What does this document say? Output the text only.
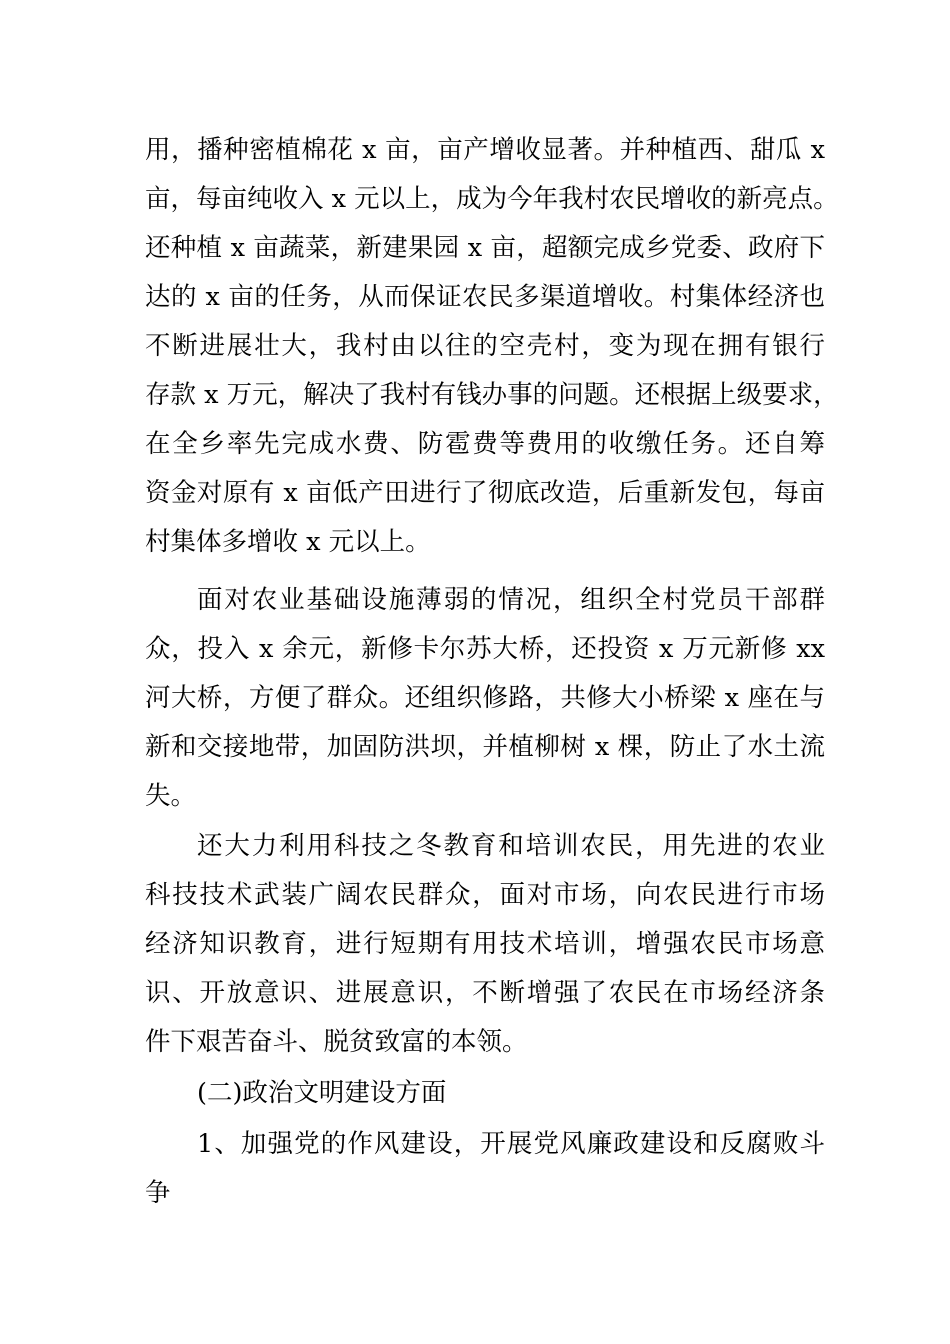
用，播种密植棉花 x 亩，亩产增收显著。并种植西、甜瓜 x
亩，每亩纯收入 x 元以上，成为今年我村农民增收的新亮点。
还种植 x 亩蔬菜，新建果园 x 亩，超额完成乡党委、政府下
达的 x 亩的任务，从而保证农民多渠道增收。村集体经济也
不断进展壮大，我村由以往的空壳村，变为现在拥有银行
存款 x 万元，解决了我村有钱办事的问题。还根据上级要求，
在全乡率先完成水费、防雹费等费用的收缴任务。还自筹
资金对原有 x 亩低产田进行了彻底改造，后重新发包，每亩
村集体多增收 x 元以上。
面对农业基础设施薄弱的情况，组织全村党员干部群
众，投入 x 余元，新修卡尔苏大桥，还投资 x 万元新修 xx
河大桥，方便了群众。还组织修路，共修大小桥梁 x 座在与
新和交接地带，加固防洪坝，并植柳树 x 棵，防止了水土流
失。
还大力利用科技之冬教育和培训农民，用先进的农业
科技技术武装广阔农民群众，面对市场，向农民进行市场
经济知识教育，进行短期有用技术培训，增强农民市场意
识、开放意识、进展意识，不断增强了农民在市场经济条
件下艰苦奋斗、脱贫致富的本领。
(二)政治文明建设方面
1、加强党的作风建设，开展党风廉政建设和反腐败斗
争
